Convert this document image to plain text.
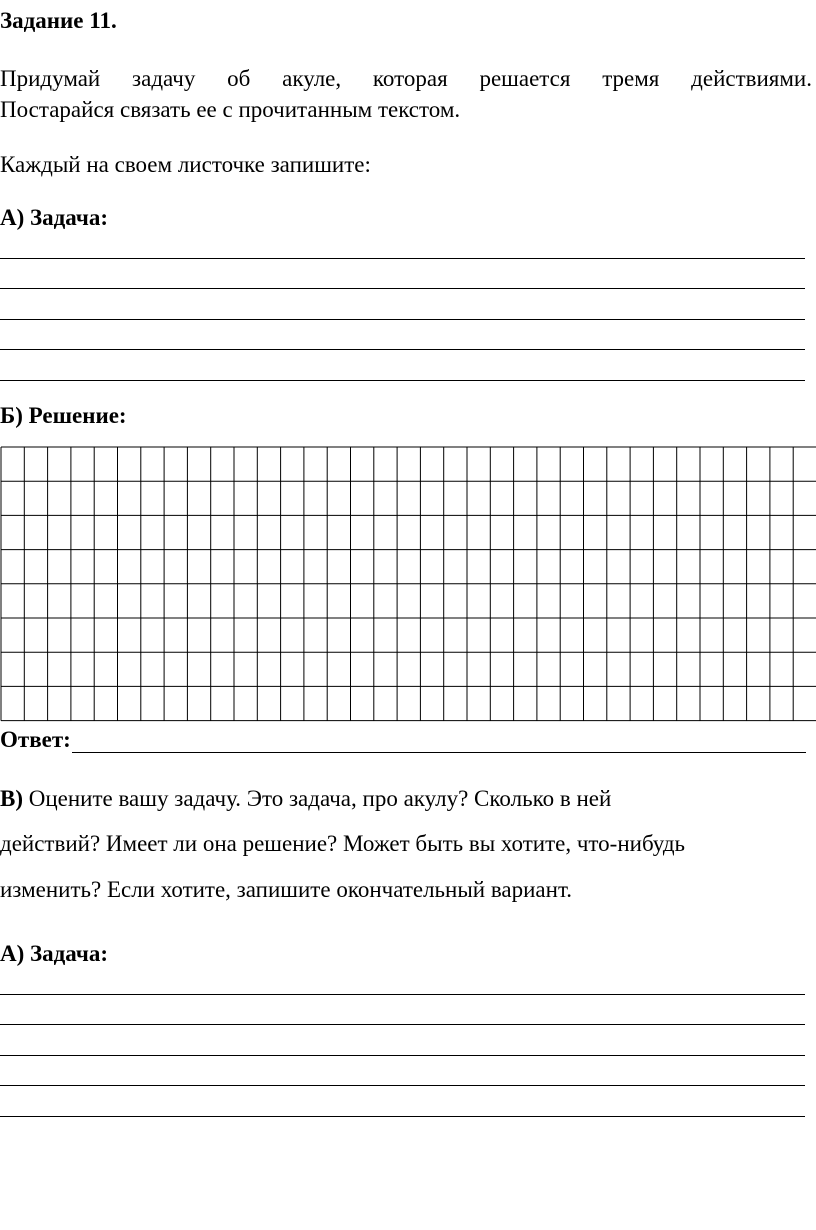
Задание 11.
Придумай задачу об акуле, которая решается тремя действиями.
Постарайся связать ее с прочитанным текстом.
Каждый на своем листочке запишите:
А) Задача:
Б) Решение:
Ответ:
В) Оцените вашу задачу. Это задача, про акулу? Сколько в ней
действий? Имеет ли она решение? Может быть вы хотите, что-нибудь
изменить? Если хотите, запишите окончательный вариант.
А) Задача:
